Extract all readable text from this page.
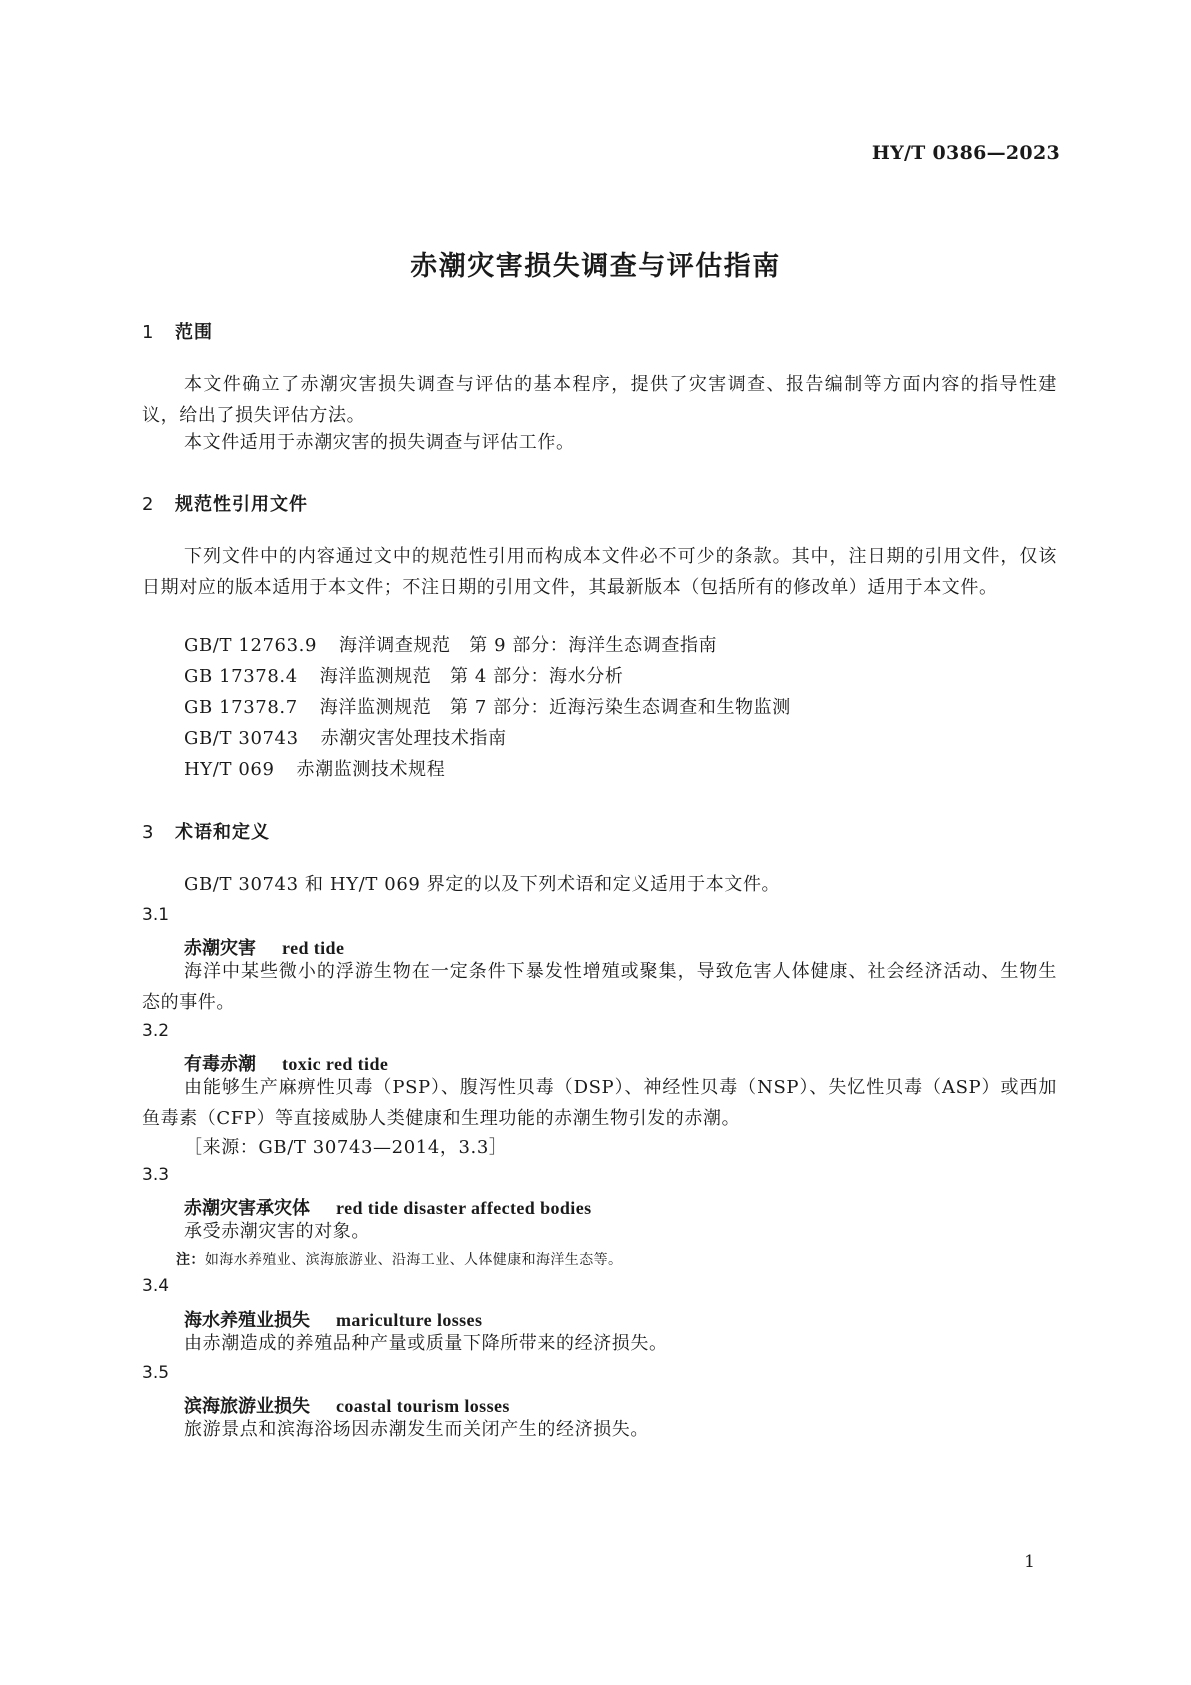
HY/T 0386—2023
赤潮灾害损失调查与评估指南
1 范围
本文件确立了赤潮灾害损失调查与评估的基本程序，提供了灾害调查、报告编制等方面内容的指导性建议，给出了损失评估方法。
本文件适用于赤潮灾害的损失调查与评估工作。
2 规范性引用文件
下列文件中的内容通过文中的规范性引用而构成本文件必不可少的条款。其中，注日期的引用文件，仅该日期对应的版本适用于本文件；不注日期的引用文件，其最新版本（包括所有的修改单）适用于本文件。
GB/T 12763.9 海洋调查规范　第 9 部分：海洋生态调查指南
GB 17378.4 海洋监测规范　第 4 部分：海水分析
GB 17378.7 海洋监测规范　第 7 部分：近海污染生态调查和生物监测
GB/T 30743 赤潮灾害处理技术指南
HY/T 069 赤潮监测技术规程
3 术语和定义
GB/T 30743 和 HY/T 069 界定的以及下列术语和定义适用于本文件。
3.1
赤潮灾害 red tide
海洋中某些微小的浮游生物在一定条件下暴发性增殖或聚集，导致危害人体健康、社会经济活动、生物生态的事件。
3.2
有毒赤潮 toxic red tide
由能够生产麻痹性贝毒（PSP）、腹泻性贝毒（DSP）、神经性贝毒（NSP）、失忆性贝毒（ASP）或西加鱼毒素（CFP）等直接威胁人类健康和生理功能的赤潮生物引发的赤潮。
［来源：GB/T 30743—2014，3.3］
3.3
赤潮灾害承灾体 red tide disaster affected bodies
承受赤潮灾害的对象。
注：如海水养殖业、滨海旅游业、沿海工业、人体健康和海洋生态等。
3.4
海水养殖业损失 mariculture losses
由赤潮造成的养殖品种产量或质量下降所带来的经济损失。
3.5
滨海旅游业损失 coastal tourism losses
旅游景点和滨海浴场因赤潮发生而关闭产生的经济损失。
1
